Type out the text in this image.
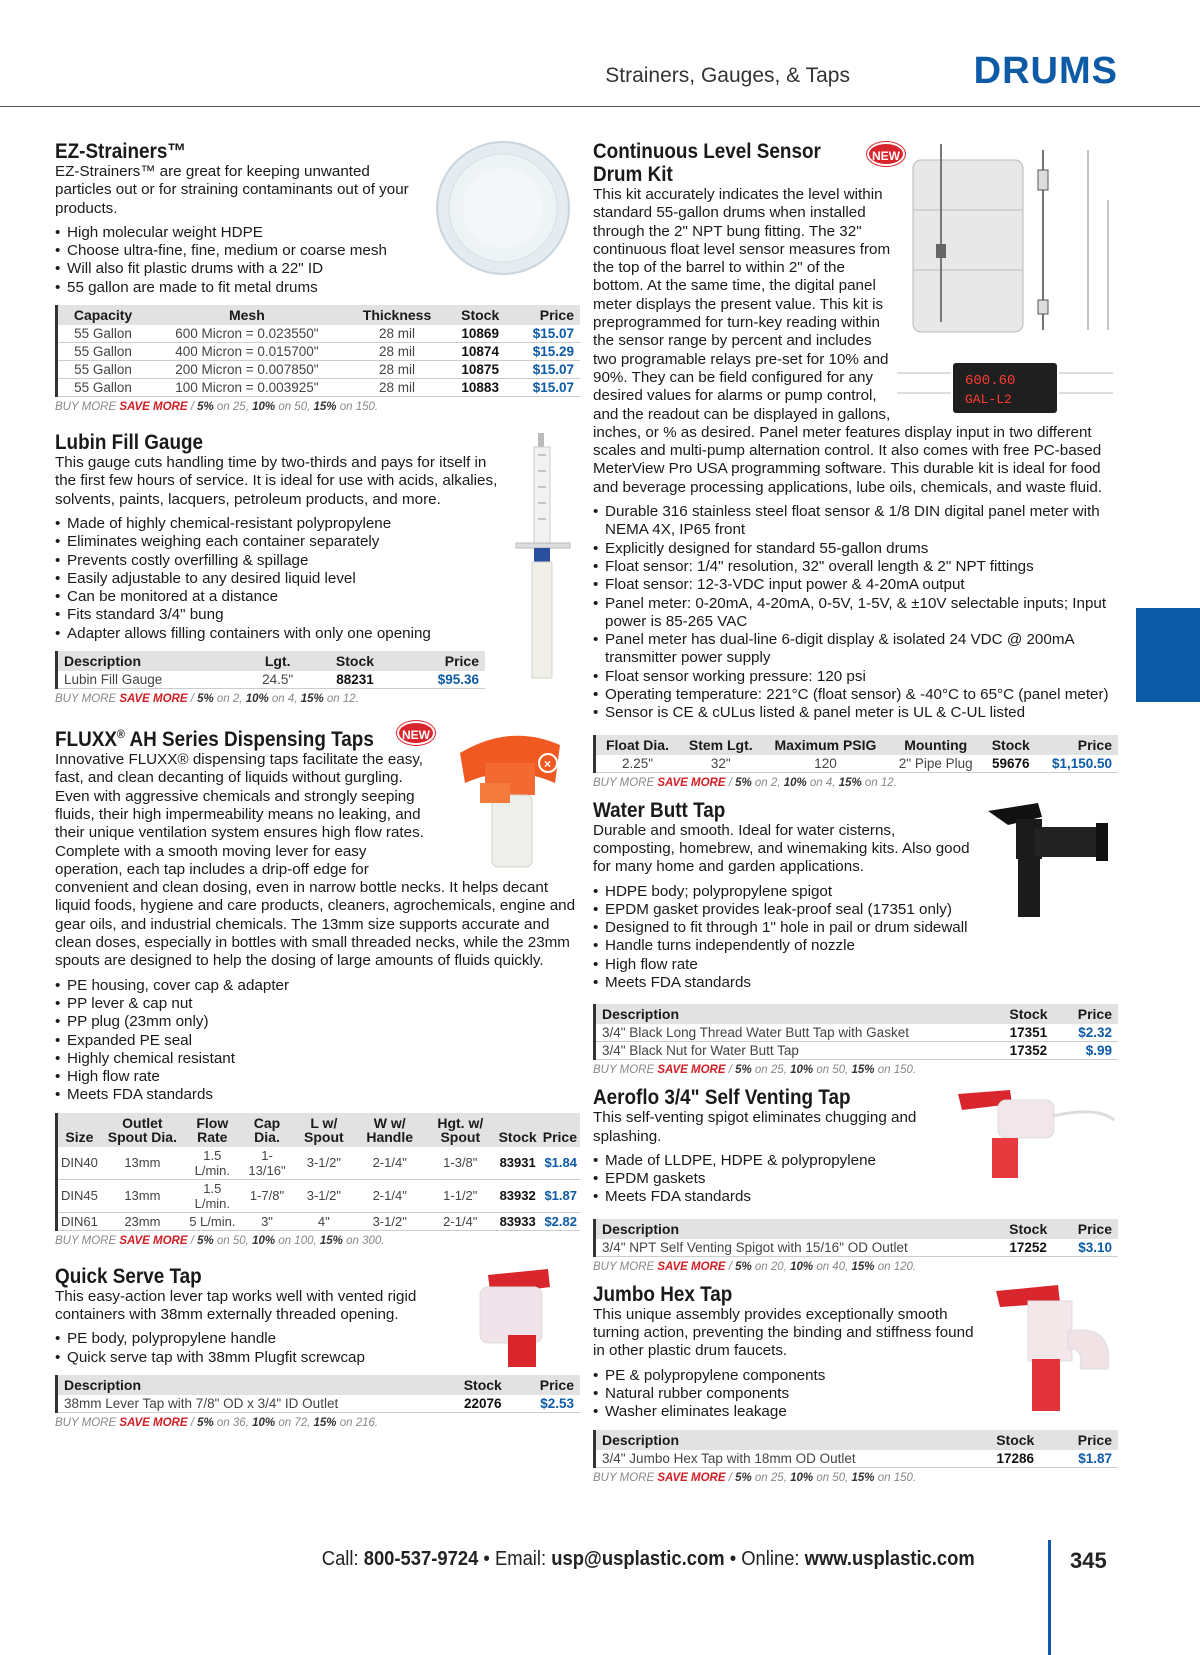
Strainers, Gauges, & Taps	DRUMS
EZ-Strainers™

EZ-Strainers™ are great for keeping unwanted particles out or for straining contaminants out of your products.

• High molecular weight HDPE
• Choose ultra-fine, fine, medium or coarse mesh
• Will also fit plastic drums with a 22" ID
• 55 gallon are made to fit metal drums
Capacity	Mesh	Thickness	Stock	Price
55 Gallon	600 Micron = 0.023550"	28 mil	10869	$15.07
55 Gallon	400 Micron = 0.015700"	28 mil	10874	$15.29
55 Gallon	200 Micron = 0.007850"	28 mil	10875	$15.07
55 Gallon	100 Micron = 0.003925"	28 mil	10883	$15.07
BUY MORE SAVE MORE / 5% on 25, 10% on 50, 15% on 150.
Lubin Fill Gauge

This gauge cuts handling time by two-thirds and pays for itself in the first few hours of service. It is ideal for use with acids, alkalies, solvents, paints, lacquers, petroleum products, and more.

• Made of highly chemical-resistant polypropylene
• Eliminates weighing each container separately
• Prevents costly overfilling & spillage
• Easily adjustable to any desired liquid level
• Can be monitored at a distance
• Fits standard 3/4" bung
• Adapter allows filling containers with only one opening
Description	Lgt.	Stock	Price
Lubin Fill Gauge	24.5"	88231	$95.36
BUY MORE SAVE MORE / 5% on 2, 10% on 4, 15% on 12.
NEW
×
FLUXX® AH Series Dispensing Taps

Innovative FLUXX® dispensing taps facilitate the easy, fast, and clean decanting of liquids without gurgling. Even with aggressive chemicals and strongly seeping fluids, their high impermeability means no leaking, and their unique ventilation system ensures high flow rates. Complete with a smooth moving lever for easy operation, each tap includes a drip-off edge for convenient and clean dosing, even in narrow bottle necks. It helps decant liquid foods, hygiene and care products, cleaners, agrochemicals, engine and gear oils, and industrial chemicals. The 13mm size supports accurate and clean doses, especially in bottles with small threaded necks, while the 23mm spouts are designed to help the dosing of large amounts of fluids quickly.

• PE housing, cover cap & adapter
• PP lever & cap nut
• PP plug (23mm only)
• Expanded PE seal
• Highly chemical resistant
• High flow rate
• Meets FDA standards
Size	Outlet Spout Dia.	Flow Rate	Cap Dia.	L w/ Spout	W w/ Handle	Hgt. w/ Spout	Stock	Price
DIN40	13mm	1.5 L/min.	1-13/16"	3-1/2"	2-1/4"	1-3/8"	83931	$1.84
DIN45	13mm	1.5 L/min.	1-7/8"	3-1/2"	2-1/4"	1-1/2"	83932	$1.87
DIN61	23mm	5 L/min.	3"	4"	3-1/2"	2-1/4"	83933	$2.82
BUY MORE SAVE MORE / 5% on 50, 10% on 100, 15% on 300.
Quick Serve Tap

This easy-action lever tap works well with vented rigid containers with 38mm externally threaded opening.

• PE body, polypropylene handle
• Quick serve tap with 38mm Plugfit screwcap
Description	Stock	Price
38mm Lever Tap with 7/8" OD x 3/4" ID Outlet	22076	$2.53
BUY MORE SAVE MORE / 5% on 36, 10% on 72, 15% on 216.
NEW

600.60
GAL-L2
Continuous Level Sensor
Drum Kit

This kit accurately indicates the level within standard 55-gallon drums when installed through the 2" NPT bung fitting. The 32" continuous float level sensor measures from the top of the barrel to within 2" of the bottom. At the same time, the digital panel meter displays the present value. This kit is preprogrammed for turn-key reading within the sensor range by percent and includes two programable relays pre-set for 10% and 90%. They can be field configured for any desired values for alarms or pump control, and the readout can be displayed in gallons, inches, or % as desired. Panel meter features display input in two different scales and multi-pump alternation control. It also comes with free PC-based MeterView Pro USA programming software. This durable kit is ideal for food and beverage processing applications, lube oils, chemicals, and waste fluid.

• Durable 316 stainless steel float sensor & 1/8 DIN digital panel meter with NEMA 4X, IP65 front
• Explicitly designed for standard 55-gallon drums
• Float sensor: 1/4" resolution, 32" overall length & 2" NPT fittings
• Float sensor: 12-3-VDC input power & 4-20mA output
• Panel meter: 0-20mA, 4-20mA, 0-5V, 1-5V, & ±10V selectable inputs; Input power is 85-265 VAC
• Panel meter has dual-line 6-digit display & isolated 24 VDC @ 200mA transmitter power supply
• Float sensor working pressure: 120 psi
• Operating temperature: 221°C (float sensor) & -40°C to 65°C (panel meter)
• Sensor is CE & cULus listed & panel meter is UL & C-UL listed
Float Dia.	Stem Lgt.	Maximum PSIG	Mounting	Stock	Price
2.25"	32"	120	2" Pipe Plug	59676	$1,150.50
BUY MORE SAVE MORE / 5% on 2, 10% on 4, 15% on 12.
Water Butt Tap

Durable and smooth. Ideal for water cisterns, composting, homebrew, and winemaking kits. Also good for many home and garden applications.

• HDPE body; polypropylene spigot
• EPDM gasket provides leak-proof seal (17351 only)
• Designed to fit through 1" hole in pail or drum sidewall
• Handle turns independently of nozzle
• High flow rate
• Meets FDA standards
Description	Stock	Price
3/4" Black Long Thread Water Butt Tap with Gasket	17351	$2.32
3/4" Black Nut for Water Butt Tap	17352	$.99
BUY MORE SAVE MORE / 5% on 25, 10% on 50, 15% on 150.
Aeroflo 3/4" Self Venting Tap

This self-venting spigot eliminates chugging and splashing.

• Made of LLDPE, HDPE & polypropylene
• EPDM gaskets
• Meets FDA standards
Description	Stock	Price
3/4" NPT Self Venting Spigot with 15/16" OD Outlet	17252	$3.10
BUY MORE SAVE MORE / 5% on 20, 10% on 40, 15% on 120.
Jumbo Hex Tap

This unique assembly provides exceptionally smooth turning action, preventing the binding and stiffness found in other plastic drum faucets.

• PE & polypropylene components
• Natural rubber components
• Washer eliminates leakage
Description	Stock	Price
3/4" Jumbo Hex Tap with 18mm OD Outlet	17286	$1.87
BUY MORE SAVE MORE / 5% on 25, 10% on 50, 15% on 150.
Call: 800-537-9724 • Email: usp@usplastic.com • Online: www.usplastic.com	345
